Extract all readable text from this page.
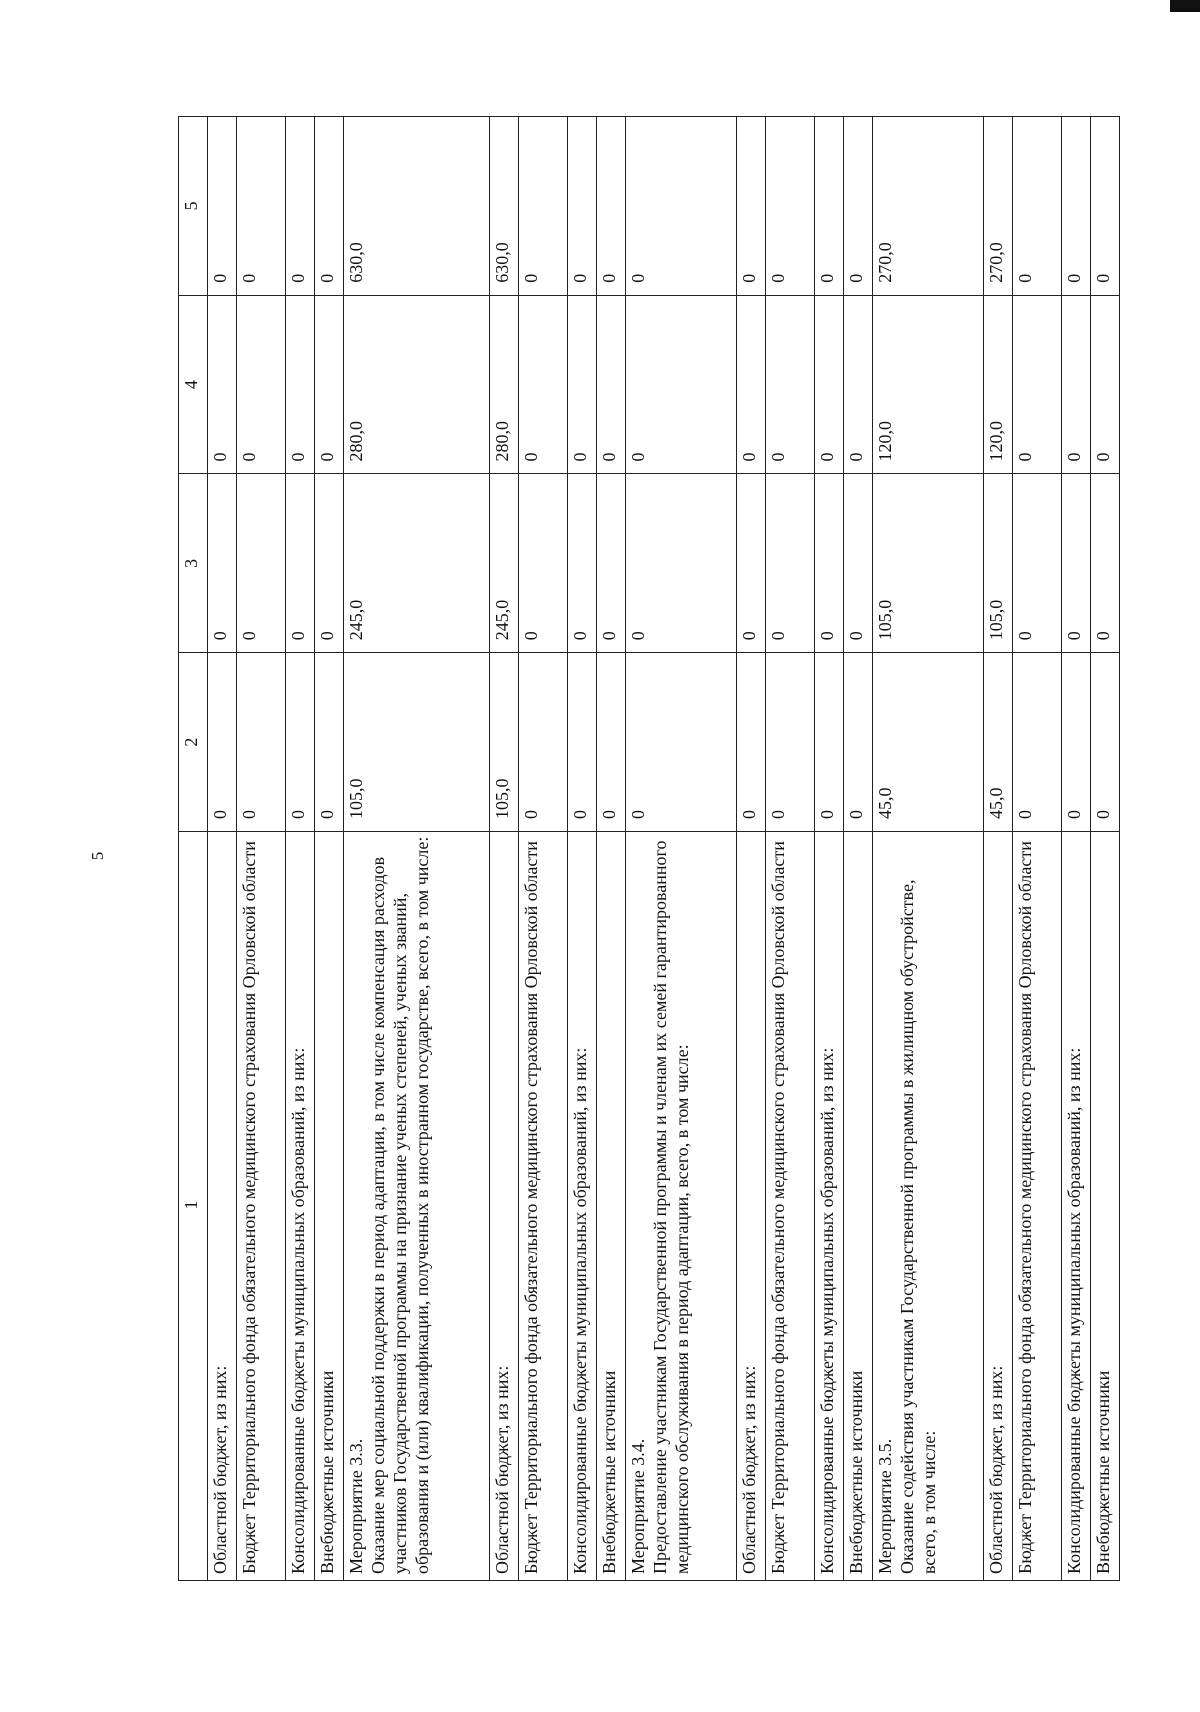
5
1	2	3	4	5
Областной бюджет, из них:	0	0	0	0
Бюджет Территориального фонда обязательного медицинского страхования Орловской области	0	0	0	0
Консолидированные бюджеты муниципальных образований, из них:	0	0	0	0
Внебюджетные источники	0	0	0	0

Мероприятие 3.3. Оказание мер социальной поддержки в период адаптации, в том числе компенсация расходов участников Государственной программы на признание ученых степеней, ученых званий, образования и (или) квалификации, полученных в иностранном государстве, всего, в том числе:	105,0	245,0	280,0	630,0
Областной бюджет, из них:	105,0	245,0	280,0	630,0
Бюджет Территориального фонда обязательного медицинского страхования Орловской области	0	0	0	0
Консолидированные бюджеты муниципальных образований, из них:	0	0	0	0
Внебюджетные источники	0	0	0	0

Мероприятие 3.4. Предоставление участникам Государственной программы и членам их семей гарантированного медицинского обслуживания в период адаптации, всего, в том числе:	0	0	0	0
Областной бюджет, из них:	0	0	0	0
Бюджет Территориального фонда обязательного медицинского страхования Орловской области	0	0	0	0
Консолидированные бюджеты муниципальных образований, из них:	0	0	0	0
Внебюджетные источники	0	0	0	0

Мероприятие 3.5. Оказание содействия участникам Государственной программы в жилищном обустройстве, всего, в том числе:	45,0	105,0	120,0	270,0
Областной бюджет, из них:	45,0	105,0	120,0	270,0
Бюджет Территориального фонда обязательного медицинского страхования Орловской области	0	0	0	0
Консолидированные бюджеты муниципальных образований, из них:	0	0	0	0
Внебюджетные источники	0	0	0	0
